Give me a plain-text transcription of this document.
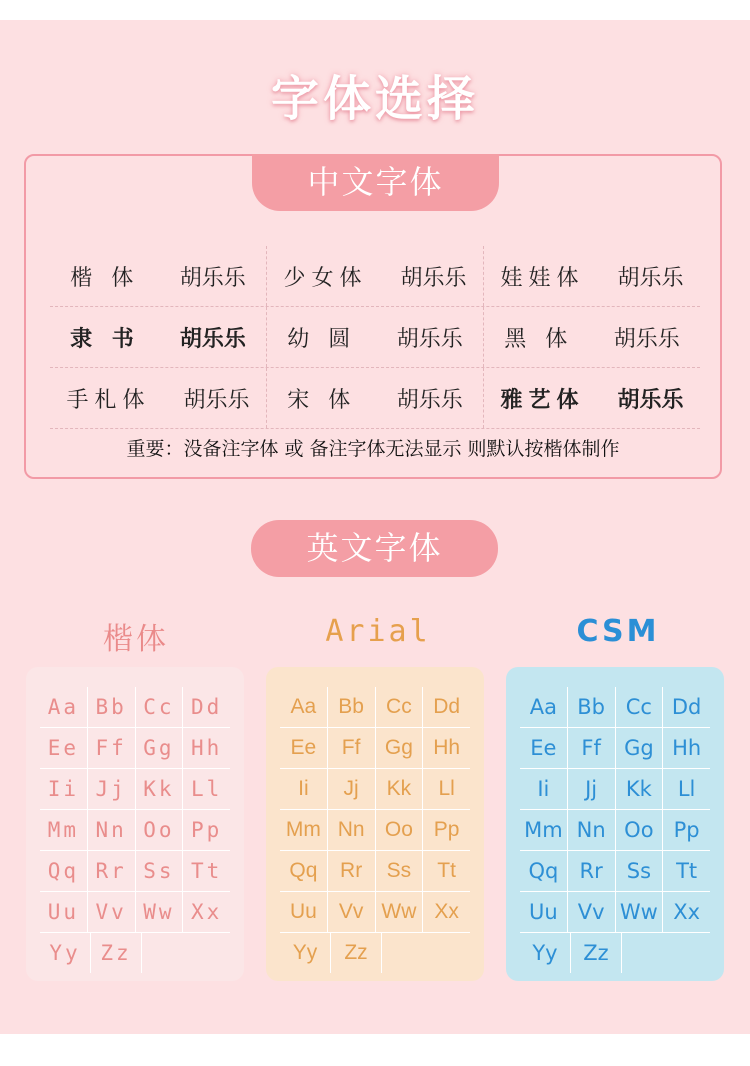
字体选择
中文字体
楷 体 胡乐乐 少女体 胡乐乐 娃娃体 胡乐乐
隶 书 胡乐乐 幼 圆 胡乐乐 黑 体 胡乐乐
手札体 胡乐乐 宋 体 胡乐乐 雅艺体 胡乐乐
重要：没备注字体 或 备注字体无法显示 则默认按楷体制作
英文字体
楷体	Arial	CSM
Aa Bb Cc Dd
Ee Ff Gg Hh
Ii Jj Kk Ll
Mm Nn Oo Pp
Qq Rr Ss Tt
Uu Vv Ww Xx
Yy Zz
Aa	Bb	Cc	Dd
Ee	Ff	Gg Hh
Ii	Jj	Kk	Ll
Mm Nn Oo Pp
Qq	Rr	Ss	Tt
Uu	Vv Ww Xx
Yy	Zz
Aa Bb Cc Dd
Ee	Ff	Gg Hh
Ii	Jj	Kk	Ll
Mm Nn Oo Pp
Qq	Rr	Ss	Tt
Uu Vv Ww Xx
Yy	Zz
